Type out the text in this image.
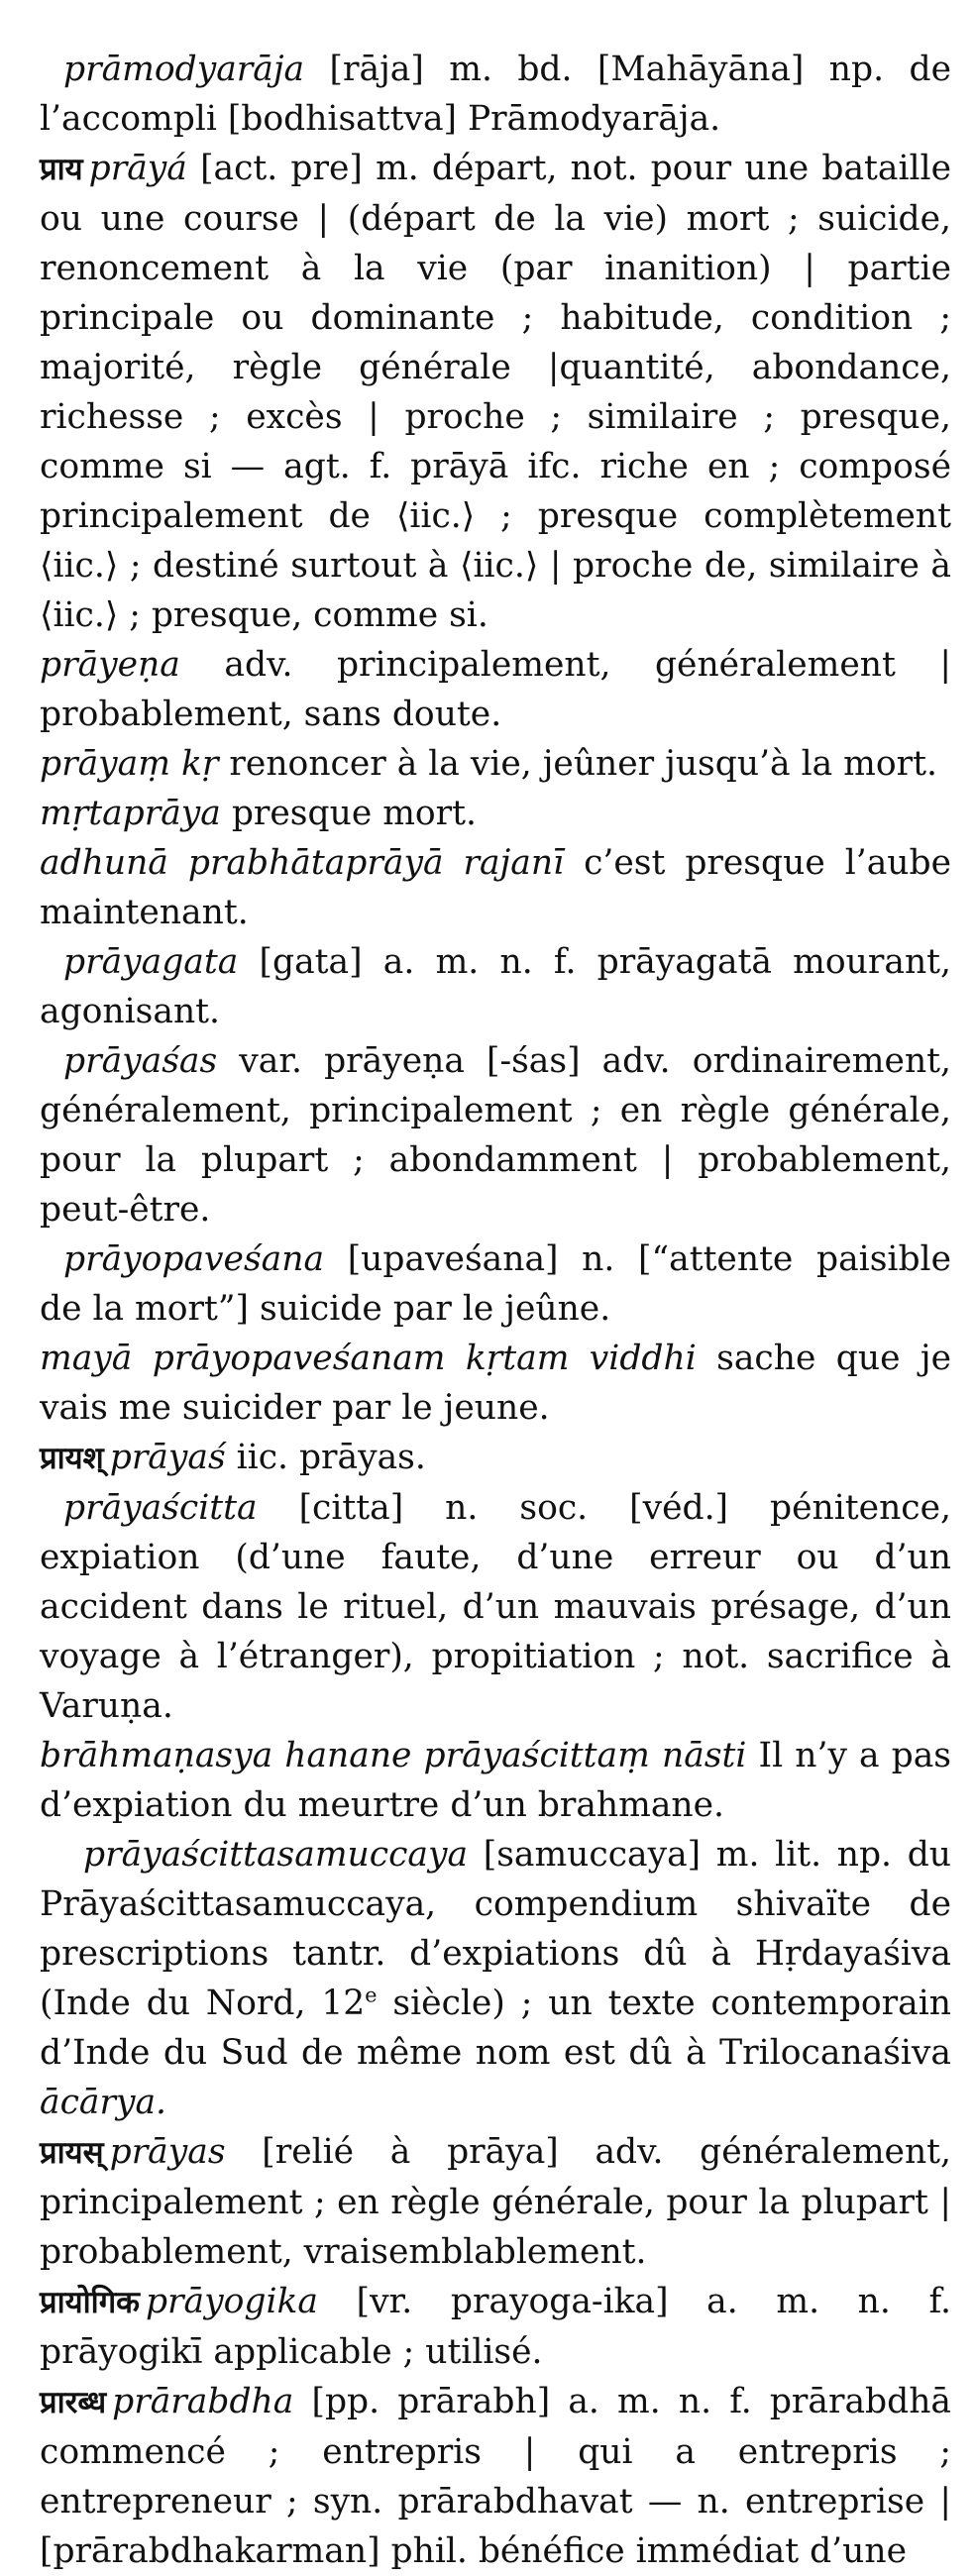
prāmodyarāja [rāja] m. bd. [Mahāyāna] np. de l’accompli [bodhisattva] Prāmodyarāja.

प्राय prāyá [act. pre] m. départ, not. pour une bataille ou une course | (départ de la vie) mort ; suicide, renoncement à la vie (par inanition) | partie principale ou dominante ; habitude, condition ; majorité, règle générale |quantité, abondance, richesse ; excès | proche ; similaire ; presque, comme si — agt. f. prāyā ifc. riche en ; composé principalement de ⟨iic.⟩ ; presque complètement ⟨iic.⟩ ; destiné surtout à ⟨iic.⟩ | proche de, similaire à ⟨iic.⟩ ; presque, comme si.

prāyeṇa adv. principalement, généralement | probablement, sans doute.

prāyaṃ kṛ renoncer à la vie, jeûner jusqu’à la mort.

mṛtaprāya presque mort.

adhunā prabhātaprāyā rajanī c’est presque l’aube maintenant.

prāyagata [gata] a. m. n. f. prāyagatā mourant, agonisant.

prāyaśas var. prāyeṇa [-śas] adv. ordinairement, généralement, principalement ; en règle générale, pour la plupart ; abondamment | probablement, peut-être.

prāyopaveśana [upaveśana] n. [“attente paisible de la mort”] suicide par le jeûne.

mayā prāyopaveśanam kṛtam viddhi sache que je vais me suicider par le jeune.

प्रायश् prāyaś iic. prāyas.

prāyaścitta [citta] n. soc. [véd.] pénitence, expiation (d’une faute, d’une erreur ou d’un accident dans le rituel, d’un mauvais présage, d’un voyage à l’étranger), propitiation ; not. sacrifice à Varuṇa.

brāhmaṇasya hanane prāyaścittaṃ nāsti Il n’y a pas d’expiation du meurtre d’un brahmane.

prāyaścittasamuccaya [samuccaya] m. lit. np. du Prāyaścittasamuccaya, compendium shivaïte de prescriptions tantr. d’expiations dû à Hṛdayaśiva (Inde du Nord, 12e siècle) ; un texte contemporain d’Inde du Sud de même nom est dû à Trilocanaśiva ācārya.

प्रायस् prāyas [relié à prāya] adv. généralement, principalement ; en règle générale, pour la plupart | probablement, vraisemblablement.

प्रायोगिक prāyogika [vr. prayoga-ika] a. m. n. f. prāyogikī applicable ; utilisé.

प्रारब्ध prārabdha [pp. prārabh] a. m. n. f. prārabdhā commencé ; entrepris | qui a entrepris ; entrepreneur ; syn. prārabdhavat — n. entreprise | [prārabdhakarman] phil. bénéfice immédiat d’une
